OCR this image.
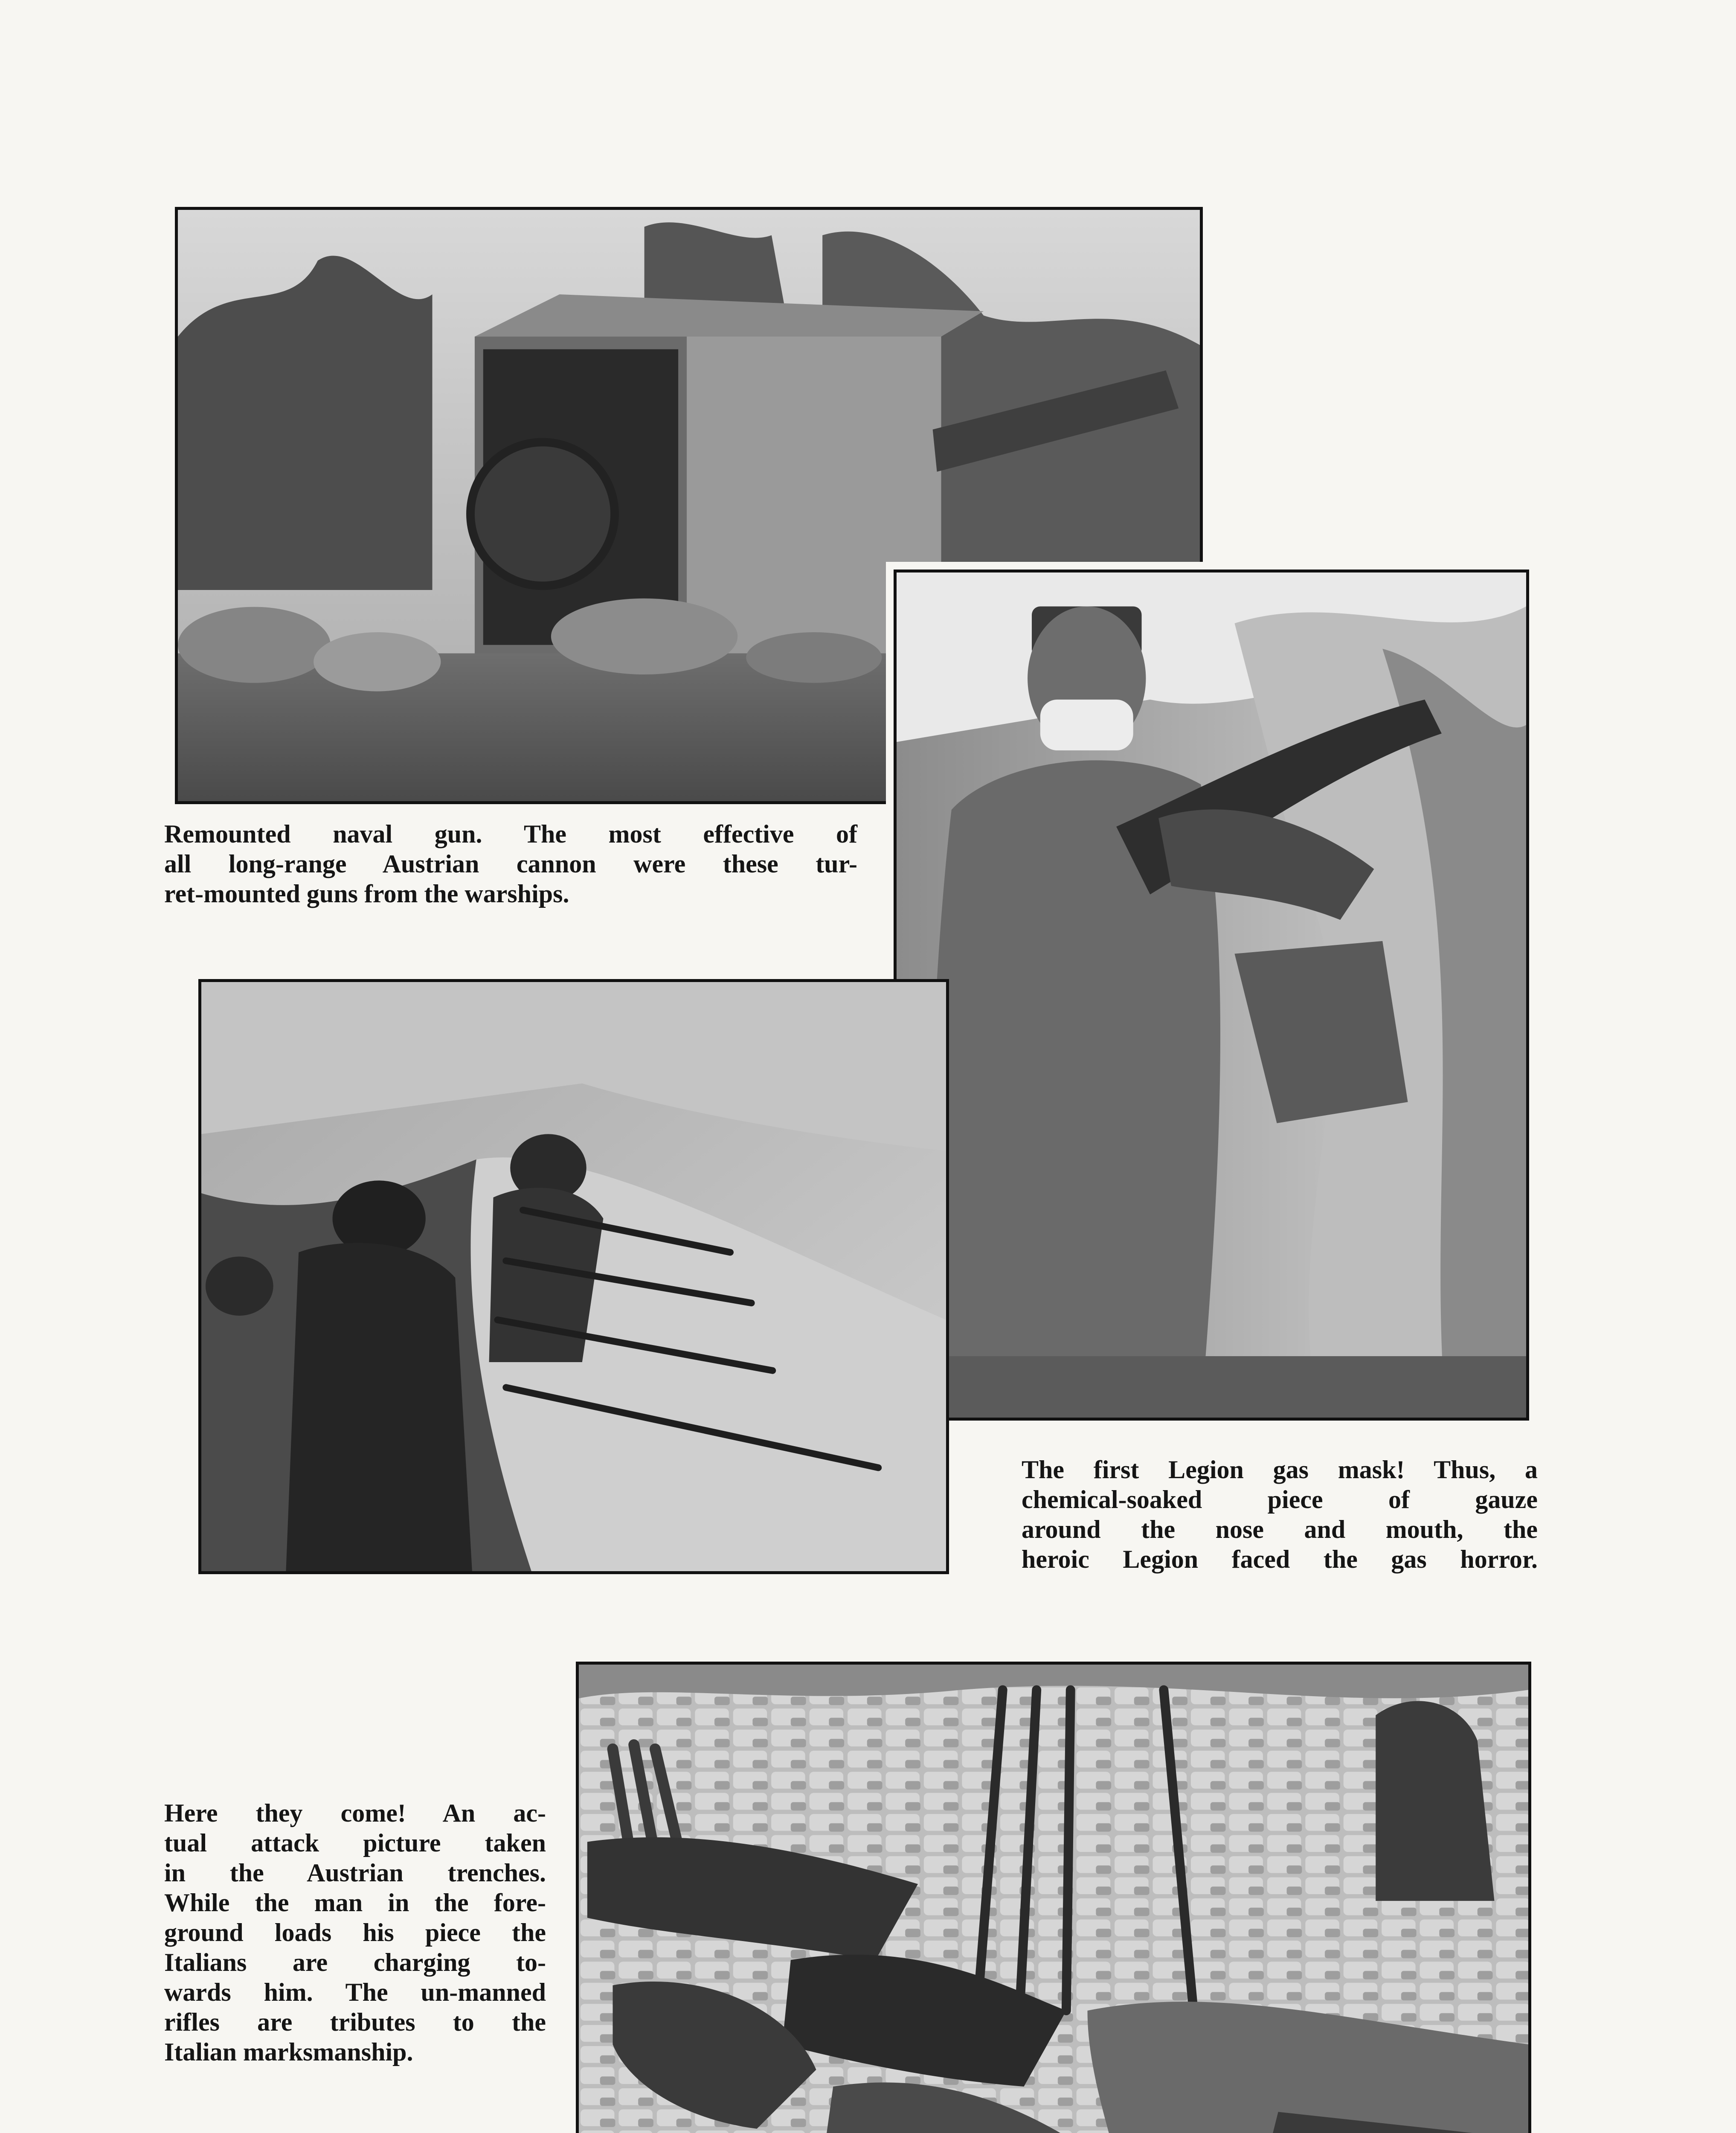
Remounted naval gun. The most effective of
all long-range Austrian cannon were these tur-
ret-mounted guns from the warships.
The first Legion gas mask! Thus, a
chemical-soaked piece of gauze
around the nose and mouth, the
heroic Legion faced the gas horror.
Here they come! An ac-
tual attack picture taken
in the Austrian trenches.
While the man in the fore-
ground loads his piece the
Italians are charging to-
wards him. The un-manned
rifles are tributes to the
Italian marksmanship.
